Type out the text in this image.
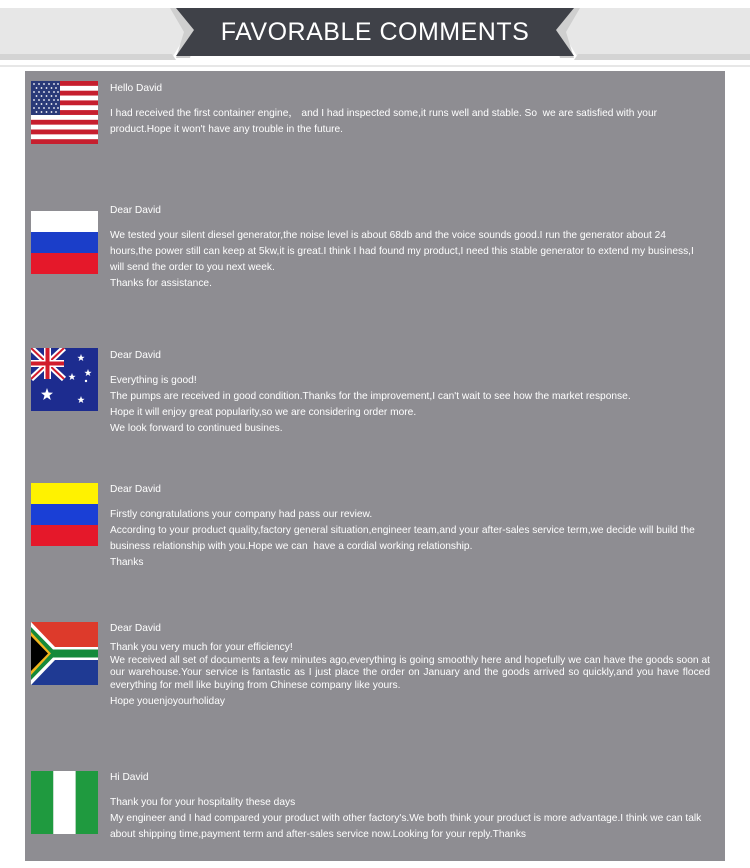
FAVORABLE COMMENTS
Hello David
I had received the first container engine， and I had inspected some,it runs well and stable. So  we are satisfied with your product.Hope it won't have any trouble in the future.
Dear David
We tested your silent diesel generator,the noise level is about 68db and the voice sounds good.I run the generator about 24 hours,the power still can keep at 5kw,it is great.I think I had found my product,I need this stable generator to extend my business,I will send the order to you next week.
Thanks for assistance.
Dear David
Everything is good!
The pumps are received in good condition.Thanks for the improvement,I can't wait to see how the market response.
Hope it will enjoy great popularity,so we are considering order more.
We look forward to continued busines.
Dear David
Firstly congratulations your company had pass our review.
According to your product quality,factory general situation,engineer team,and your after-sales service term,we decide will build the business relationship with you.Hope we can  have a cordial working relationship.
Thanks
Dear David
Thank you very much for your efficiency!
We received all set of documents a few minutes ago,everything is going smoothly here and hopefully we can have the goods soon at our warehouse.Your service is fantastic as I just place the order on January and the goods arrived so quickly,and you have floced everything for mell like buying from Chinese company like yours.
Hope youenjoyourholiday
Hi David
Thank you for your hospitality these days
My engineer and I had compared your product with other factory's.We both think your product is more advantage.I think we can talk about shipping time,payment term and after-sales service now.Looking for your reply.Thanks
